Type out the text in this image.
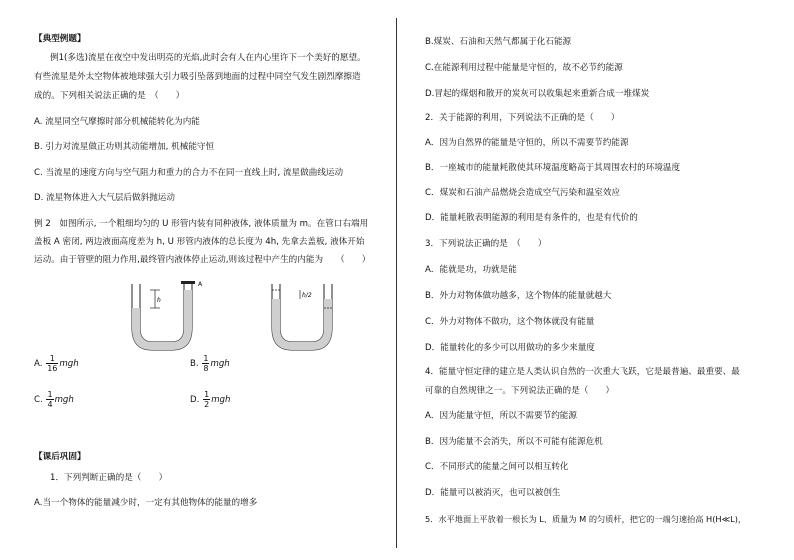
【典型例题】
例1(多选)流星在夜空中发出明亮的光焰,此时会有人在内心里许下一个美好的愿望。
有些流星是外太空物体被地球强大引力吸引坠落到地面的过程中同空气发生剧烈摩擦造
成的。下列相关说法正确的是　（　　）
A. 流星同空气摩擦时部分机械能转化为内能
B. 引力对流星做正功则其动能增加, 机械能守恒
C. 当流星的速度方向与空气阻力和重力的合力不在同一直线上时, 流星做曲线运动
D. 流星物体进入大气层后做斜抛运动
例 2　如图所示, 一个粗细均匀的 U 形管内装有同种液体, 液体质量为 m。在管口右端用
盖板 A 密闭, 两边液面高度差为 h, U 形管内液体的总长度为 4h, 先拿去盖板, 液体开始
运动。由于管壁的阻力作用,最终管内液体停止运动,则该过程中产生的内能为　　（　　）
A
h
h/2
A. $\frac{1}{16}$ mgh	B. $\frac{1}{8}$ mgh
C. $\frac{1}{4}$ mgh	D. $\frac{1}{2}$ mgh
【课后巩固】
1．下列判断正确的是（　　）
A.当一个物体的能量减少时，一定有其他物体的能量的增多
B.煤炭、石油和天然气都属于化石能源
C.在能源利用过程中能量是守恒的，故不必节约能源
D.冒起的煤烟和散开的炭灰可以收集起来重新合成一堆煤炭
2．关于能源的利用，下列说法不正确的是（　　）
A．因为自然界的能量是守恒的，所以不需要节约能源
B．一座城市的能量耗散使其环境温度略高于其周围农村的环境温度
C．煤炭和石油产品燃烧会造成空气污染和温室效应
D．能量耗散表明能源的利用是有条件的，也是有代价的
3．下列说法正确的是　（　　）
A．能就是功，功就是能
B．外力对物体做功越多，这个物体的能量就越大
C．外力对物体不做功，这个物体就没有能量
D．能量转化的多少可以用做功的多少来量度
4．能量守恒定律的建立是人类认识自然的一次重大飞跃，它是最普遍、最重要、最
可靠的自然规律之一。下列说法正确的是（　　）
A．因为能量守恒，所以不需要节约能源
B．因为能量不会消失，所以不可能有能源危机
C．不同形式的能量之间可以相互转化
D．能量可以被消灭，也可以被创生
5．水平地面上平放着一根长为 L、质量为 M 的匀质杆，把它的一端匀速抬高 H(H≪L)，
